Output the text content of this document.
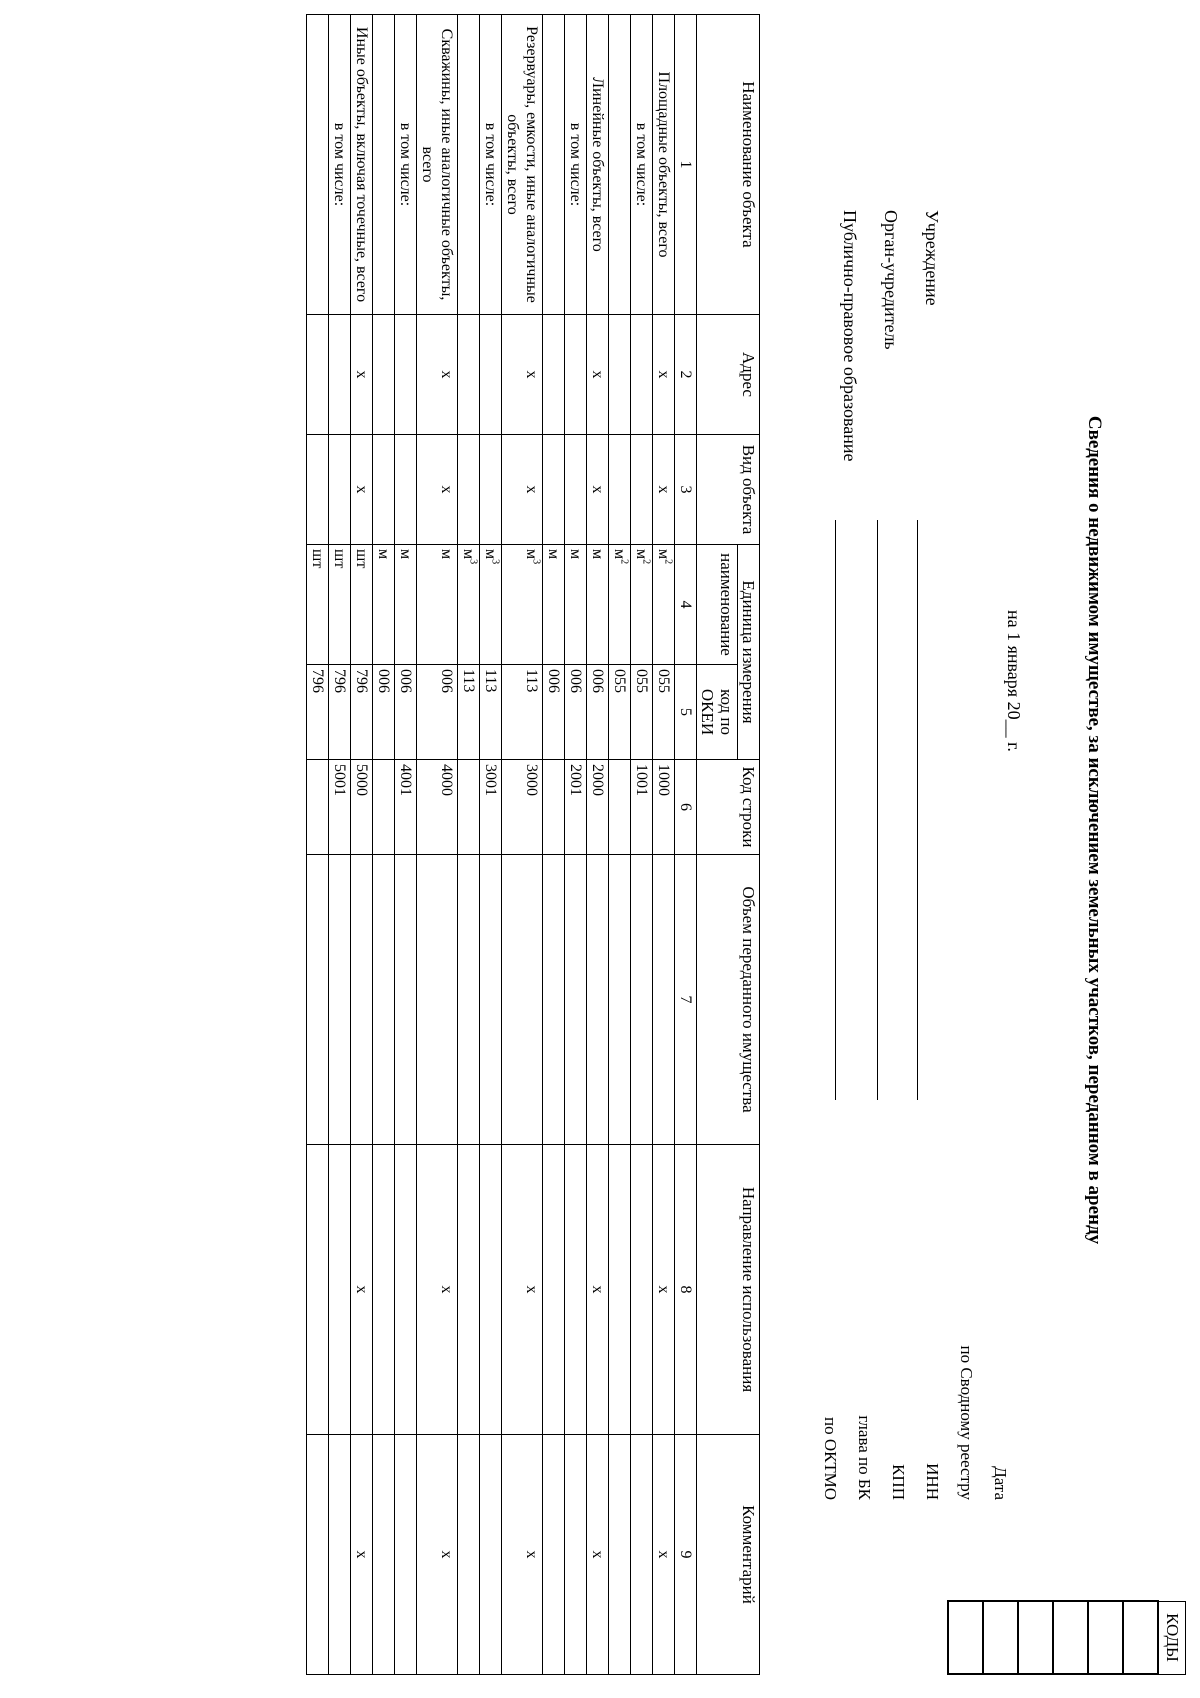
Сведения о недвижимом имуществе, за исключением земельных участков, переданном в аренду
на 1 января 20__ г.
Учреждение
Орган-учредитель
Публично-правовое образование
Дата
по Сводному реестру
ИНН
КПП
глава по БК
по ОКТМО
КОДЫ

Наименование объекта	Адрес	Вид объекта	Единица измерения		Код строки	Объем переданного имущества	Направление использования	Комментарий
			наименование	код по ОКЕИ				
1	2	3	4	5	6	7	8	9
Площадные объекты, всего	х	х	$м^2$	055	1000		х	х
в том числе:			$м^2$	055	1001			
			$м^2$	055				
Линейные объекты, всего	х	х	м	006	2000		х	х
в том числе:			м	006	2001			
			м	006				
Резервуары, емкости, иные аналогичные объекты, всего	х	х	$м^3$	113	3000		х	х
в том числе:			$м^3$	113	3001			
			$м^3$	113				
Скважины, иные аналогичные объекты, всего	х	х	м	006	4000		х	х
в том числе:			м	006	4001			
			м	006				
Иные объекты, включая точечные, всего	х	х	шт	796	5000		х	х
в том числе:			шт	796	5001			
			шт	796				
